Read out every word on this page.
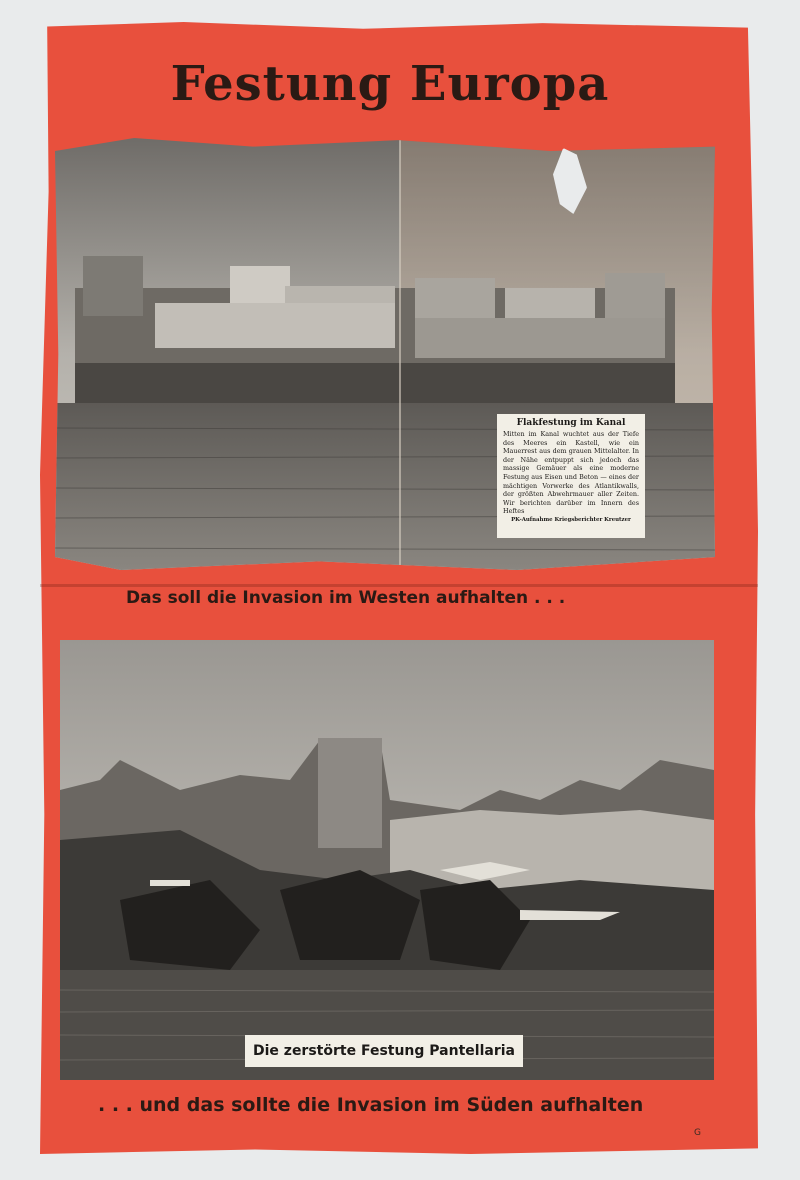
Festung Europa
Flakfestung im Kanal
Mitten im Kanal wuchtet aus der Tiefe des Meeres ein Kastell, wie ein Mauerrest aus dem grauen Mittelalter. In der Nähe entpuppt sich jedoch das massige Gemäuer als eine moderne Festung aus Eisen und Beton — eines der mächtigen Vorwerke des Atlantikwalls, der größten Abwehrmauer aller Zeiten. Wir berichten darüber im Innern des Heftes
PK-Aufnahme Kriegsberichter Kreutzer
Das soll die Invasion im Westen aufhalten . . .
Die zerstörte Festung Pantellaria
. . . und das sollte die Invasion im Süden aufhalten
G
